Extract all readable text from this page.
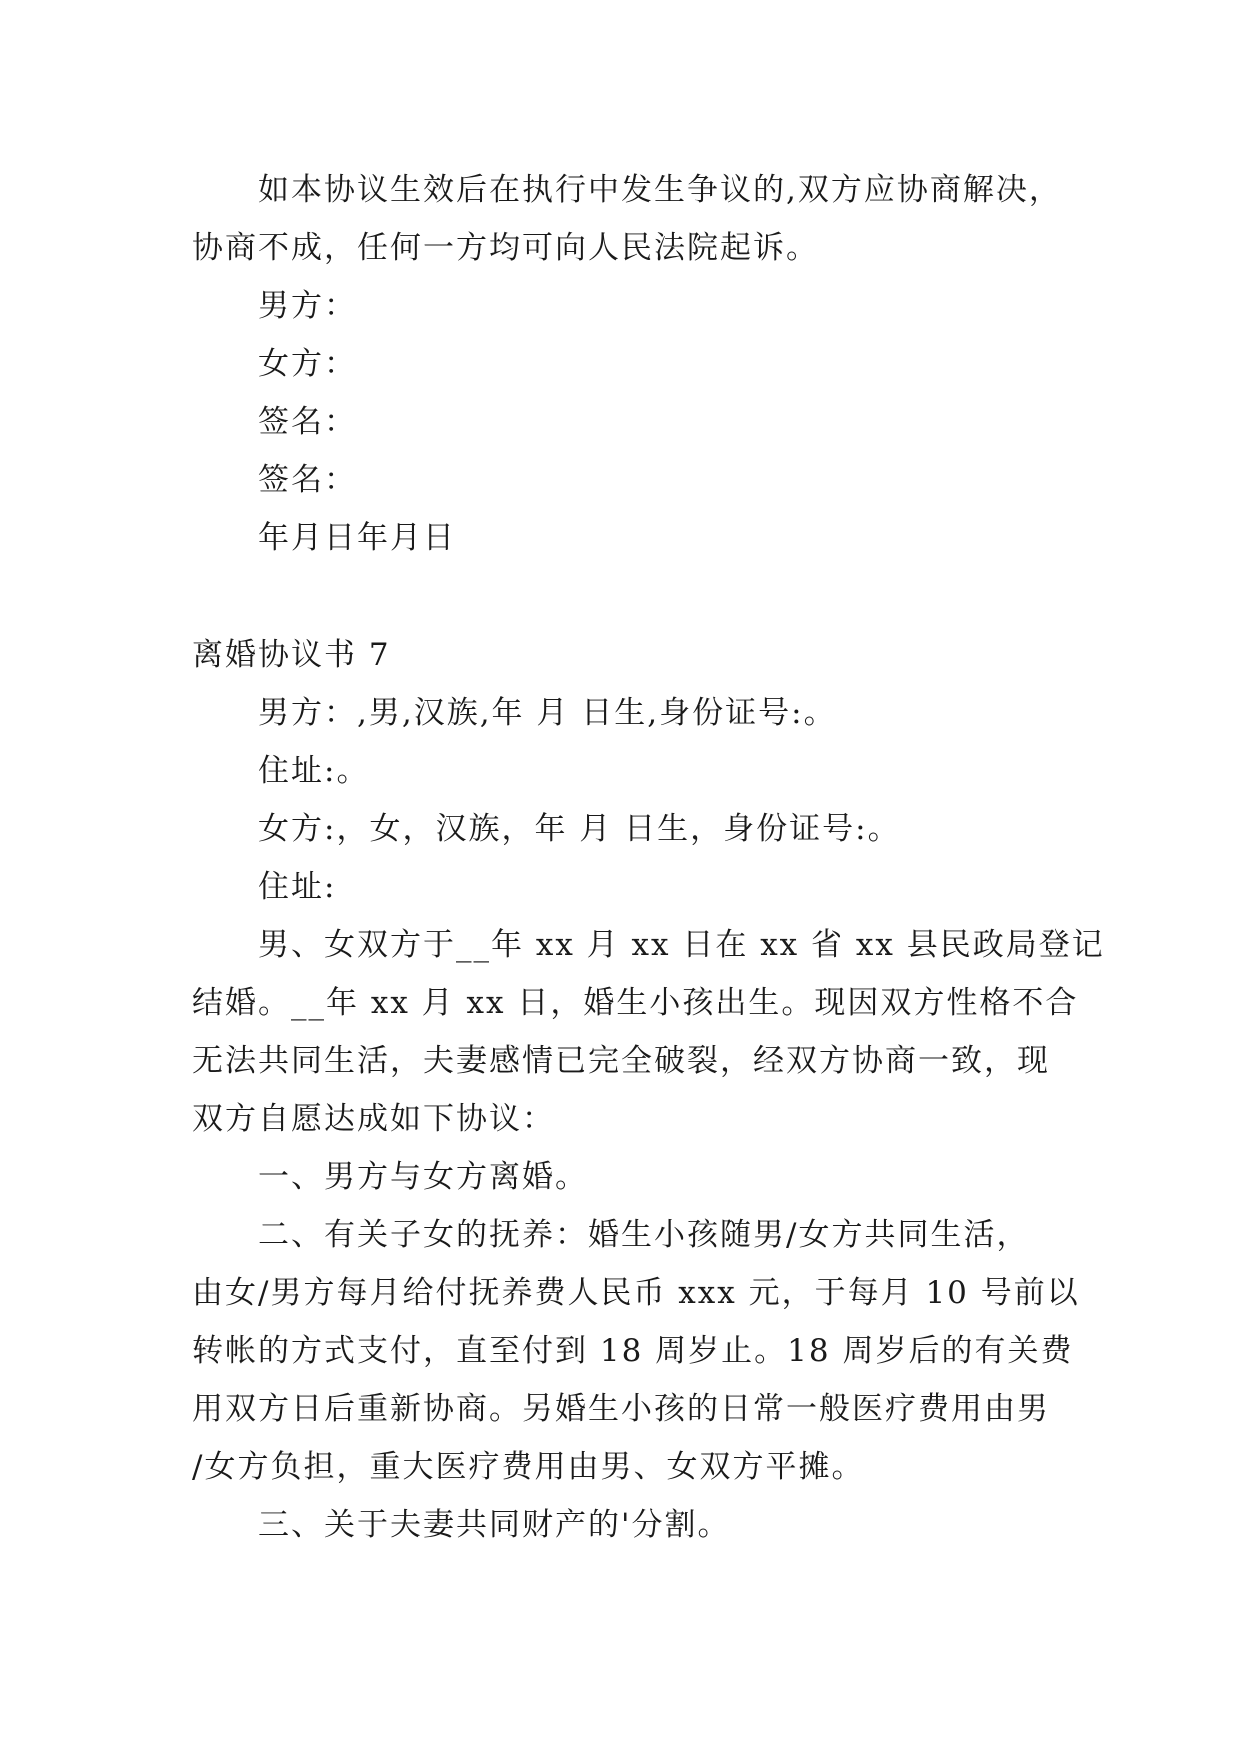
如本协议生效后在执行中发生争议的,双方应协商解决，
协商不成，任何一方均可向人民法院起诉。
男方：
女方：
签名：
签名：
年月日年月日
离婚协议书 7
男方：,男,汉族,年 月 日生,身份证号:。
住址:。
女方:，女，汉族，年 月 日生，身份证号:。
住址:
男、女双方于__年 xx 月 xx 日在 xx 省 xx 县民政局登记
结婚。__年 xx 月 xx 日，婚生小孩出生。现因双方性格不合
无法共同生活，夫妻感情已完全破裂，经双方协商一致，现
双方自愿达成如下协议：
一、男方与女方离婚。
二、有关子女的抚养：婚生小孩随男/女方共同生活，
由女/男方每月给付抚养费人民币 xxx 元，于每月 10 号前以
转帐的方式支付，直至付到 18 周岁止。18 周岁后的有关费
用双方日后重新协商。另婚生小孩的日常一般医疗费用由男
/女方负担，重大医疗费用由男、女双方平摊。
三、关于夫妻共同财产的'分割。
